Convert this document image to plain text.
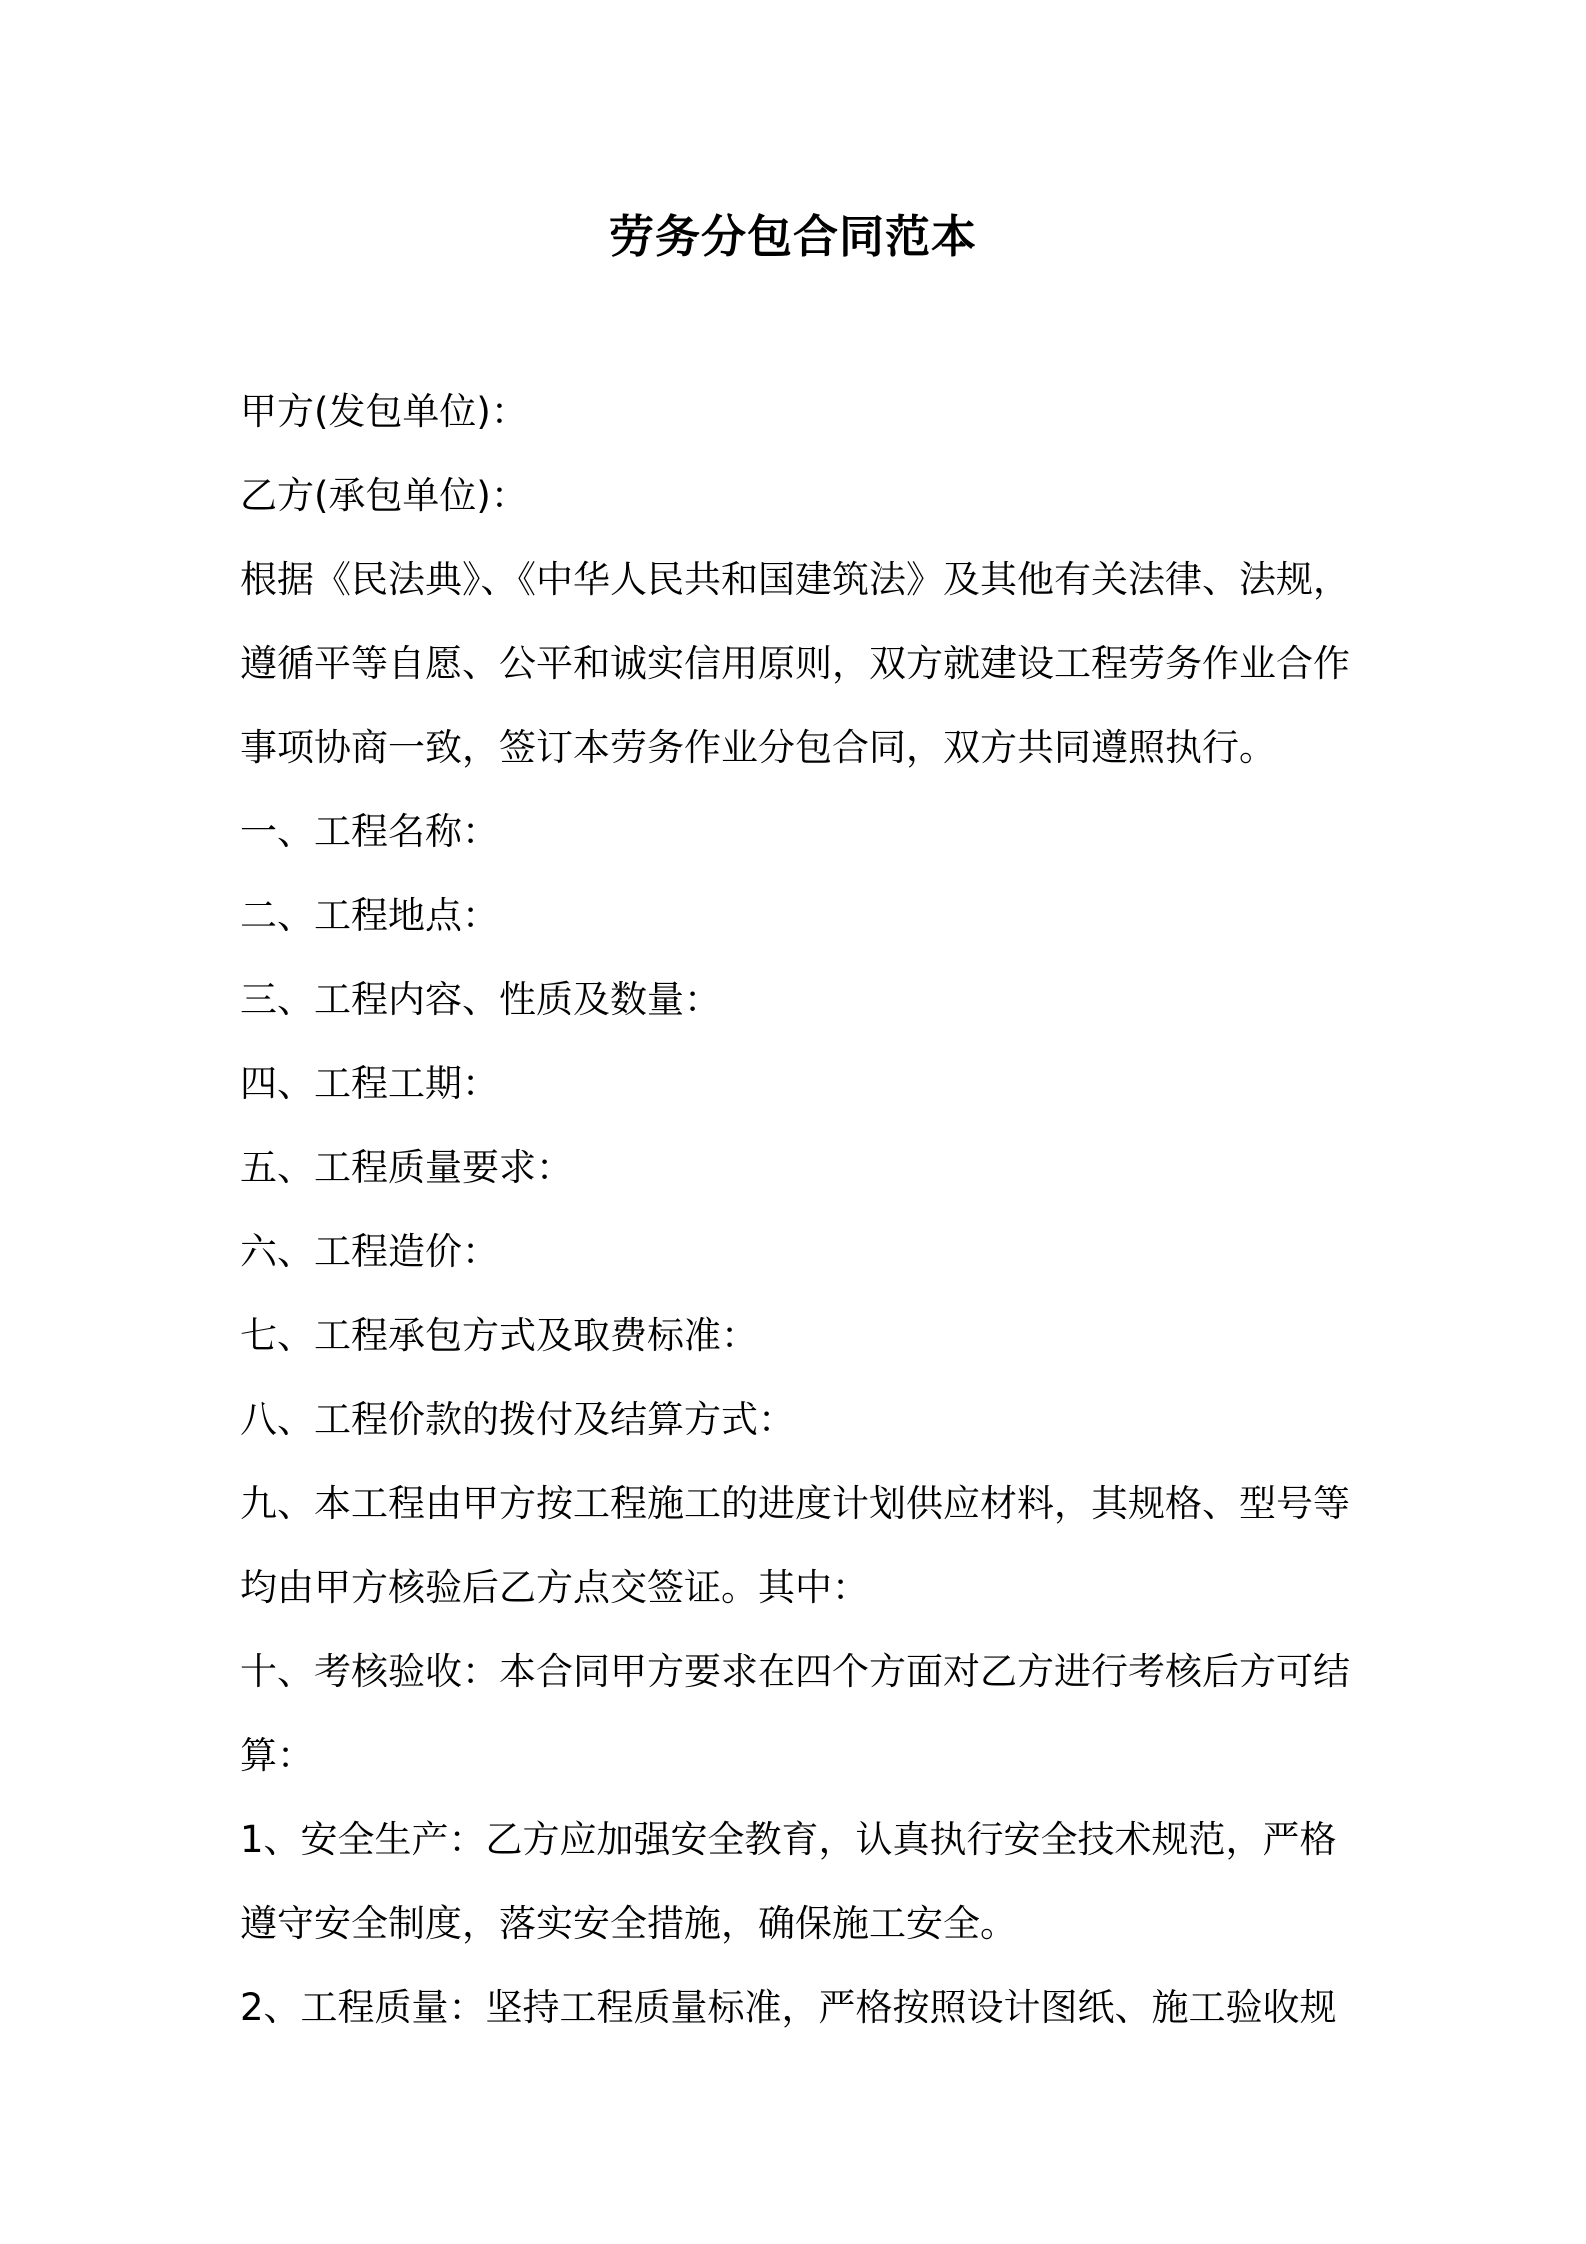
劳务分包合同范本
甲方(发包单位)：
乙方(承包单位)：
根据《民法典》、《中华人民共和国建筑法》及其他有关法律、法规，
遵循平等自愿、公平和诚实信用原则，双方就建设工程劳务作业合作
事项协商一致，签订本劳务作业分包合同，双方共同遵照执行。
一、工程名称：
二、工程地点：
三、工程内容、性质及数量：
四、工程工期：
五、工程质量要求：
六、工程造价：
七、工程承包方式及取费标准：
八、工程价款的拨付及结算方式：
九、本工程由甲方按工程施工的进度计划供应材料，其规格、型号等
均由甲方核验后乙方点交签证。其中：
十、考核验收：本合同甲方要求在四个方面对乙方进行考核后方可结
算：
1、安全生产：乙方应加强安全教育，认真执行安全技术规范，严格
遵守安全制度，落实安全措施，确保施工安全。
2、工程质量：坚持工程质量标准，严格按照设计图纸、施工验收规
